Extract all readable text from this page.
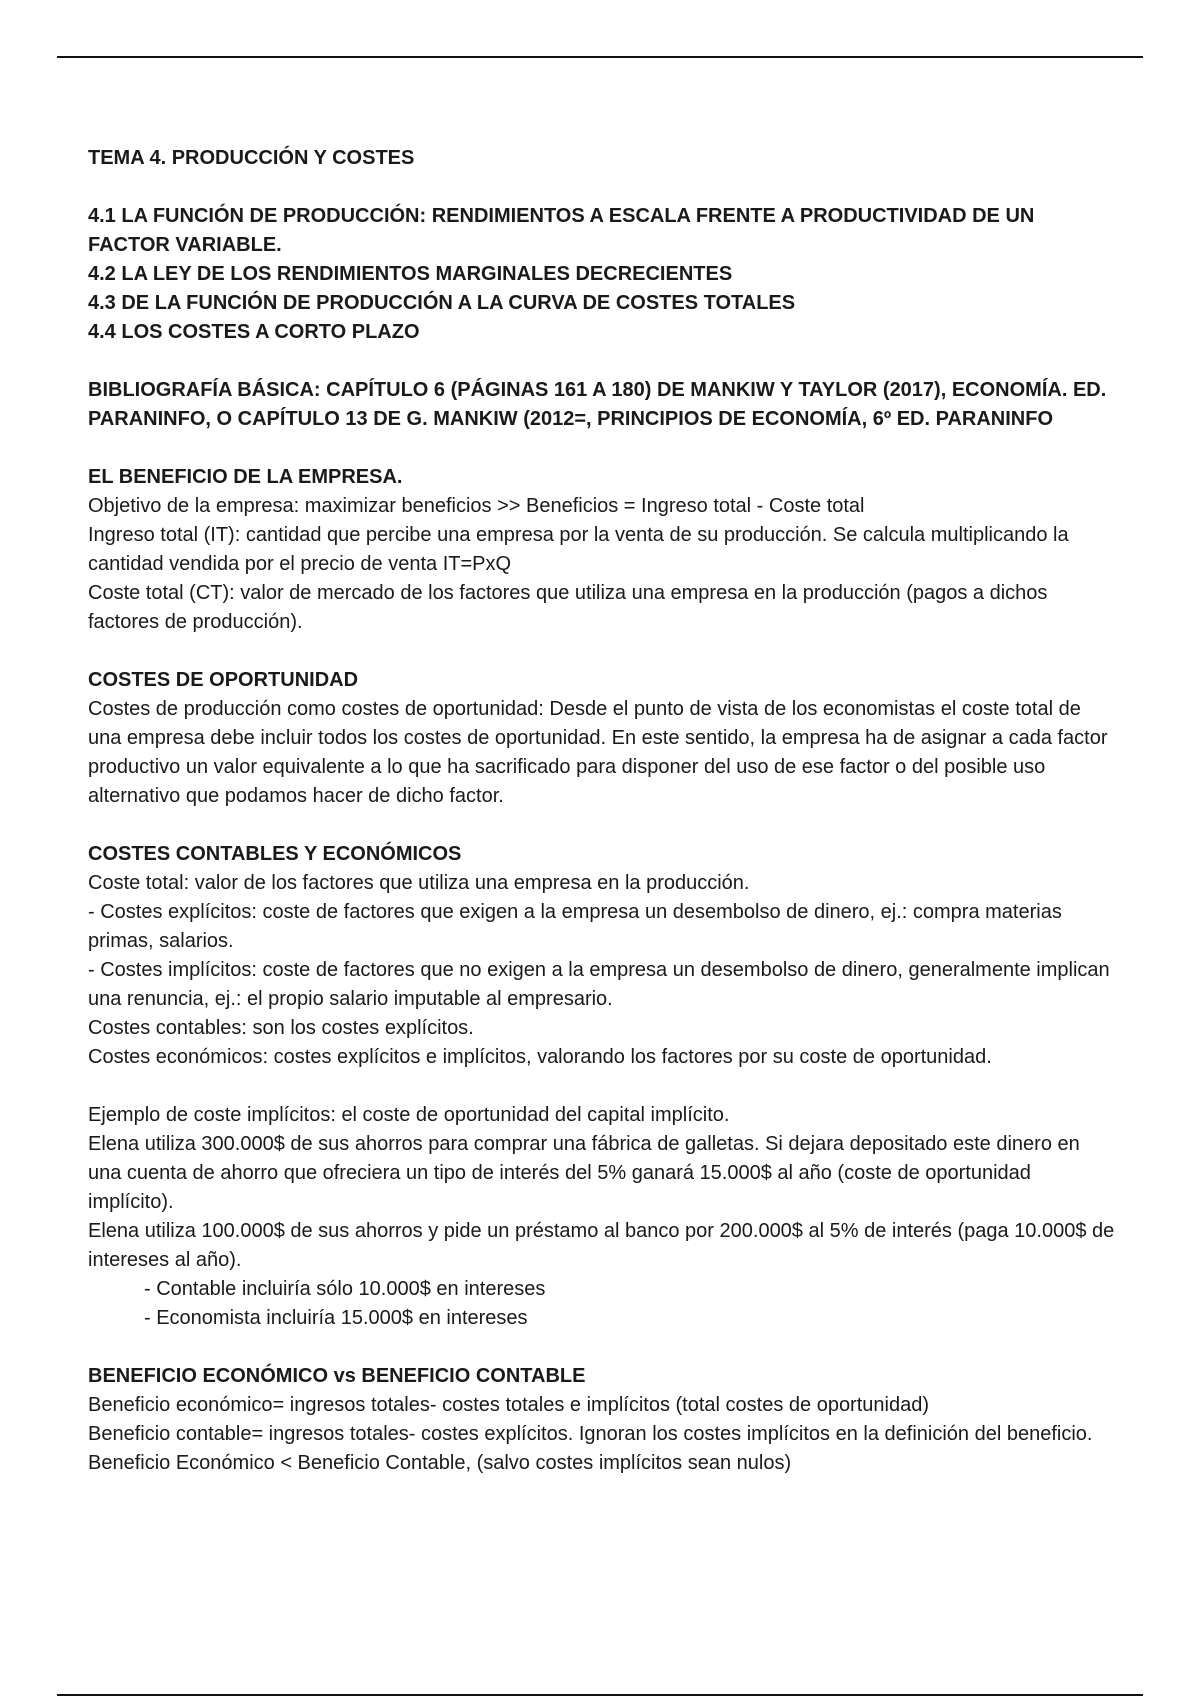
TEMA 4. PRODUCCIÓN Y COSTES

4.1 LA FUNCIÓN DE PRODUCCIÓN: RENDIMIENTOS A ESCALA FRENTE A PRODUCTIVIDAD DE UN FACTOR VARIABLE.

4.2 LA LEY DE LOS RENDIMIENTOS MARGINALES DECRECIENTES

4.3 DE LA FUNCIÓN DE PRODUCCIÓN A LA CURVA DE COSTES TOTALES

4.4 LOS COSTES A CORTO PLAZO

BIBLIOGRAFÍA BÁSICA: CAPÍTULO 6 (PÁGINAS 161 A 180) DE MANKIW Y TAYLOR (2017), ECONOMÍA. ED. PARANINFO, O CAPÍTULO 13 DE G. MANKIW (2012=, PRINCIPIOS DE ECONOMÍA, 6º ED. PARANINFO

EL BENEFICIO DE LA EMPRESA.

Objetivo de la empresa: maximizar beneficios >> Beneficios = Ingreso total - Coste total

Ingreso total (IT): cantidad que percibe una empresa por la venta de su producción. Se calcula multiplicando la cantidad vendida por el precio de venta IT=PxQ

Coste total (CT): valor de mercado de los factores que utiliza una empresa en la producción (pagos a dichos factores de producción).

COSTES DE OPORTUNIDAD

Costes de producción como costes de oportunidad: Desde el punto de vista de los economistas el coste total de una empresa debe incluir todos los costes de oportunidad. En este sentido, la empresa ha de asignar a cada factor productivo un valor equivalente a lo que ha sacrificado para disponer del uso de ese factor o del posible uso alternativo que podamos hacer de dicho factor.

COSTES CONTABLES Y ECONÓMICOS

Coste total: valor de los factores que utiliza una empresa en la producción.

- Costes explícitos: coste de factores que exigen a la empresa un desembolso de dinero, ej.: compra materias primas, salarios.

- Costes implícitos: coste de factores que no exigen a la empresa un desembolso de dinero, generalmente implican una renuncia, ej.: el propio salario imputable al empresario.

Costes contables: son los costes explícitos.

Costes económicos: costes explícitos e implícitos, valorando los factores por su coste de oportunidad.

Ejemplo de coste implícitos: el coste de oportunidad del capital implícito.

Elena utiliza 300.000$ de sus ahorros para comprar una fábrica de galletas. Si dejara depositado este dinero en una cuenta de ahorro que ofreciera un tipo de interés del 5% ganará 15.000$ al año (coste de oportunidad implícito).

Elena utiliza 100.000$ de sus ahorros y pide un préstamo al banco por 200.000$ al 5% de interés (paga 10.000$ de intereses al año).

- Contable incluiría sólo 10.000$ en intereses

- Economista incluiría 15.000$ en intereses

BENEFICIO ECONÓMICO vs BENEFICIO CONTABLE

Beneficio económico= ingresos totales- costes totales e implícitos (total costes de oportunidad)

Beneficio contable= ingresos totales- costes explícitos. Ignoran los costes implícitos en la definición del beneficio.

Beneficio Económico < Beneficio Contable, (salvo costes implícitos sean nulos)
